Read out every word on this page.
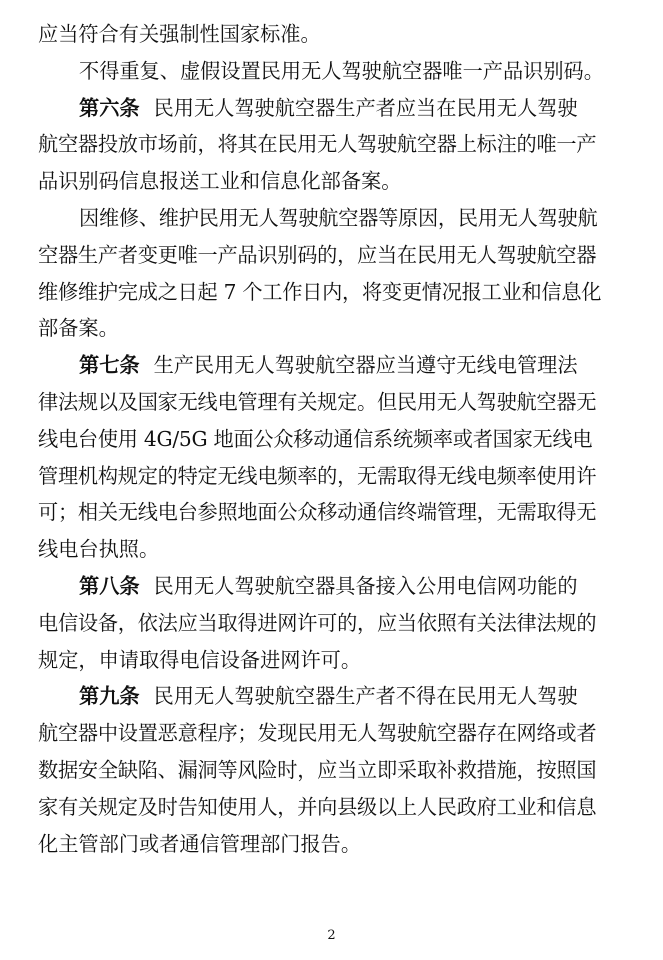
应当符合有关强制性国家标准。
不得重复、虚假设置民用无人驾驶航空器唯一产品识别码。
第六条 民用无人驾驶航空器生产者应当在民用无人驾驶
航空器投放市场前，将其在民用无人驾驶航空器上标注的唯一产
品识别码信息报送工业和信息化部备案。
因维修、维护民用无人驾驶航空器等原因，民用无人驾驶航
空器生产者变更唯一产品识别码的，应当在民用无人驾驶航空器
维修维护完成之日起 7 个工作日内，将变更情况报工业和信息化
部备案。
第七条 生产民用无人驾驶航空器应当遵守无线电管理法
律法规以及国家无线电管理有关规定。但民用无人驾驶航空器无
线电台使用 4G/5G 地面公众移动通信系统频率或者国家无线电
管理机构规定的特定无线电频率的，无需取得无线电频率使用许
可；相关无线电台参照地面公众移动通信终端管理，无需取得无
线电台执照。
第八条 民用无人驾驶航空器具备接入公用电信网功能的
电信设备，依法应当取得进网许可的，应当依照有关法律法规的
规定，申请取得电信设备进网许可。
第九条 民用无人驾驶航空器生产者不得在民用无人驾驶
航空器中设置恶意程序；发现民用无人驾驶航空器存在网络或者
数据安全缺陷、漏洞等风险时，应当立即采取补救措施，按照国
家有关规定及时告知使用人，并向县级以上人民政府工业和信息
化主管部门或者通信管理部门报告。
2
